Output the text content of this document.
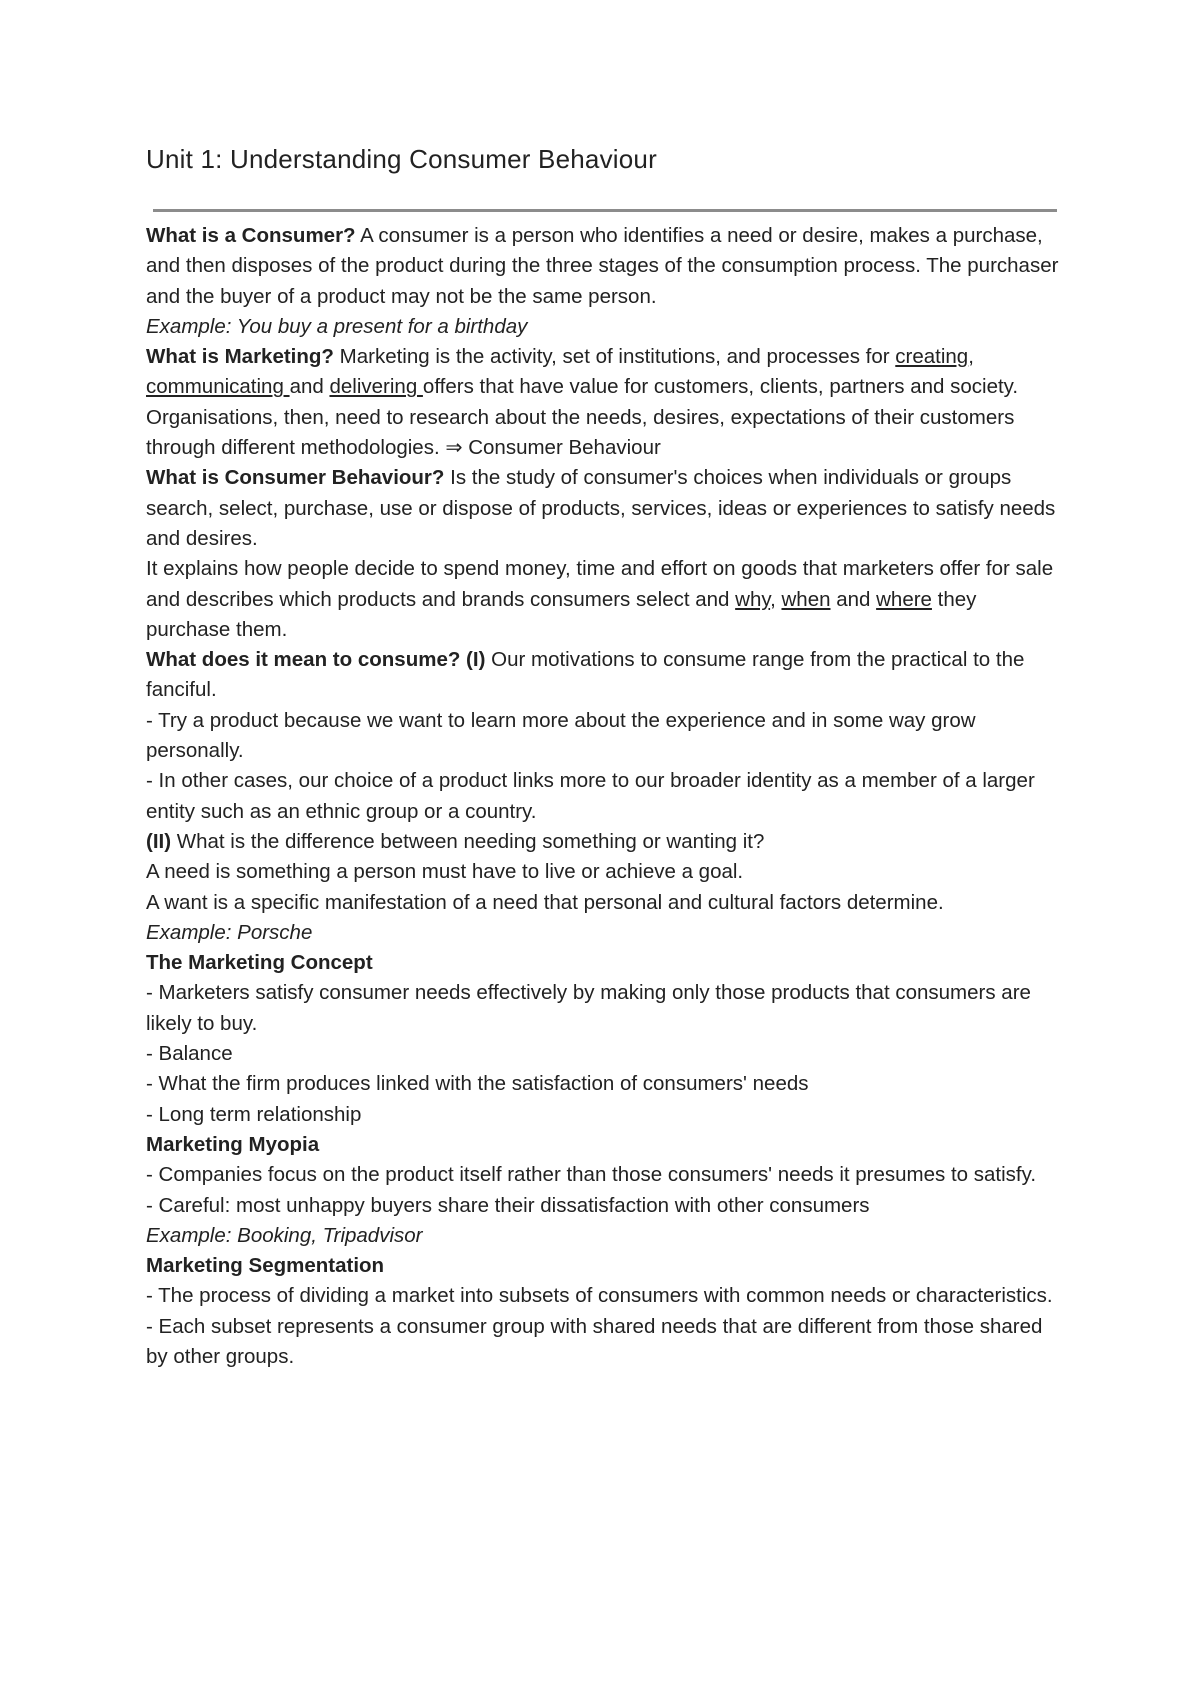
Unit 1: Understanding Consumer Behaviour

What is a Consumer? A consumer is a person who identifies a need or desire, makes a purchase, and then disposes of the product during the three stages of the consumption process. The purchaser and the buyer of a product may not be the same person.

Example: You buy a present for a birthday

What is Marketing? Marketing is the activity, set of institutions, and processes for creating, communicating and delivering offers that have value for customers, clients, partners and society.

Organisations, then, need to research about the needs, desires, expectations of their customers through different methodologies. ⇒ Consumer Behaviour

What is Consumer Behaviour? Is the study of consumer's choices when individuals or groups search, select, purchase, use or dispose of products, services, ideas or experiences to satisfy needs and desires.

It explains how people decide to spend money, time and effort on goods that marketers offer for sale and describes which products and brands consumers select and why, when and where they purchase them.

What does it mean to consume? (I) Our motivations to consume range from the practical to the fanciful.

- Try a product because we want to learn more about the experience and in some way grow personally.

- In other cases, our choice of a product links more to our broader identity as a member of a larger entity such as an ethnic group or a country.

(II) What is the difference between needing something or wanting it?

A need is something a person must have to live or achieve a goal.

A want is a specific manifestation of a need that personal and cultural factors determine.

Example: Porsche

The Marketing Concept

- Marketers satisfy consumer needs effectively by making only those products that consumers are likely to buy.

- Balance

- What the firm produces linked with the satisfaction of consumers' needs

- Long term relationship

Marketing Myopia

- Companies focus on the product itself rather than those consumers' needs it presumes to satisfy.

- Careful: most unhappy buyers share their dissatisfaction with other consumers

Example: Booking, Tripadvisor

Marketing Segmentation

- The process of dividing a market into subsets of consumers with common needs or characteristics.

- Each subset represents a consumer group with shared needs that are different from those shared by other groups.
